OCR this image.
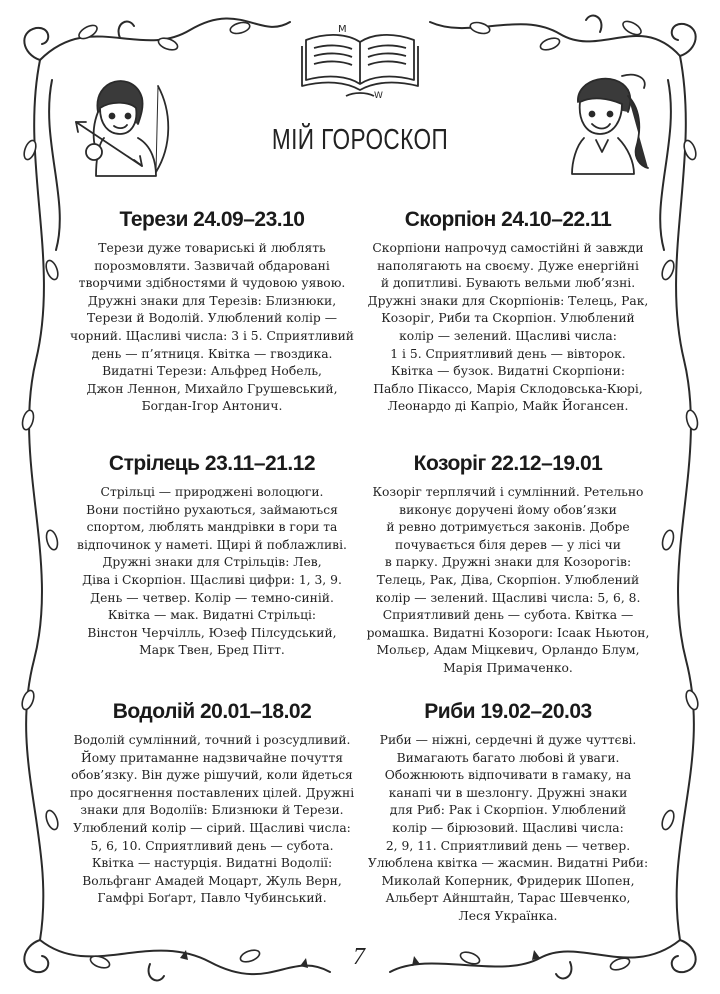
М
W
МІЙ ГОРОСКОП
Терези 24.09–23.10

Терези дуже товариські й люблять
порозмовляти. Зазвичай обдаровані
творчими здібностями й чудовою уявою.
Дружні знаки для Терезів: Близнюки,
Терези й Водолій. Улюблений колір —
чорний. Щасливі числа: 3 і 5. Сприятливий
день — п’ятниця. Квітка — гвоздика.
Видатні Терези: Альфред Нобель,
Джон Леннон, Михайло Грушевський,
Богдан-Ігор Антонич.

Скорпіон 24.10–22.11

Скорпіони напрочуд самостійні й завжди
наполягають на своєму. Дуже енергійні
й допитливі. Бувають вельми люб’язні.
Дружні знаки для Скорпіонів: Телець, Рак,
Козоріг, Риби та Скорпіон. Улюблений
колір — зелений. Щасливі числа:
1 і 5. Сприятливий день — вівторок.
Квітка — бузок. Видатні Скорпіони:
Пабло Пікассо, Марія Склодовська-Кюрі,
Леонардо ді Капріо, Майк Йогансен.

Стрілець 23.11–21.12

Стрільці — природжені волоцюги.
Вони постійно рухаються, займаються
спортом, люблять мандрівки в гори та
відпочинок у наметі. Щирі й поблажливі.
Дружні знаки для Стрільців: Лев,
Діва і Скорпіон. Щасливі цифри: 1, 3, 9.
День — четвер. Колір — темно-синій.
Квітка — мак. Видатні Стрільці:
Вінстон Черчілль, Юзеф Пілсудський,
Марк Твен, Бред Пітт.

Козоріг 22.12–19.01

Козоріг терплячий і сумлінний. Ретельно
виконує доручені йому обов’язки
й ревно дотримується законів. Добре
почувається біля дерев — у лісі чи
в парку. Дружні знаки для Козорогів:
Телець, Рак, Діва, Скорпіон. Улюблений
колір — зелений. Щасливі числа: 5, 6, 8.
Сприятливий день — субота. Квітка —
ромашка. Видатні Козороги: Ісаак Ньютон,
Мольєр, Адам Міцкевич, Орландо Блум,
Марія Примаченко.

Водолій 20.01–18.02

Водолій сумлінний, точний і розсудливий.
Йому притаманне надзвичайне почуття
обов’язку. Він дуже рішучий, коли йдеться
про досягнення поставлених цілей. Дружні
знаки для Водоліїв: Близнюки й Терези.
Улюблений колір — сірий. Щасливі числа:
5, 6, 10. Сприятливий день — субота.
Квітка — настурція. Видатні Водолії:
Вольфганг Амадей Моцарт, Жуль Верн,
Гамфрі Боґарт, Павло Чубинський.

Риби 19.02–20.03

Риби — ніжні, сердечні й дуже чуттєві.
Вимагають багато любові й уваги.
Обожнюють відпочивати в гамаку, на
канапі чи в шезлонгу. Дружні знаки
для Риб: Рак і Скорпіон. Улюблений
колір — бірюзовий. Щасливі числа:
2, 9, 11. Сприятливий день — четвер.
Улюблена квітка — жасмин. Видатні Риби:
Миколай Коперник, Фридерик Шопен,
Альберт Айнштайн, Тарас Шевченко,
Леся Українка.

7
